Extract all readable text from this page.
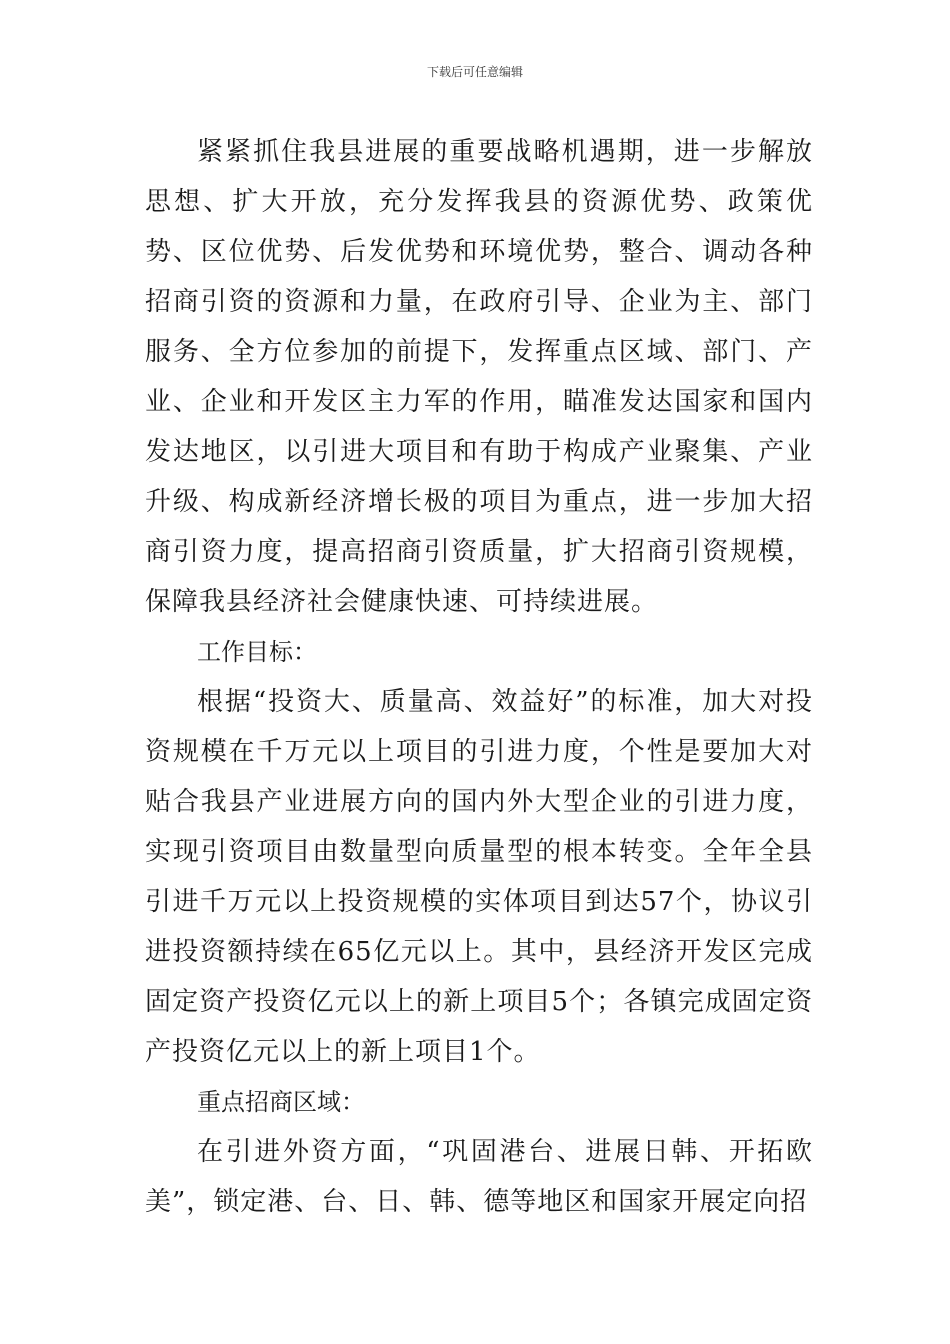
下载后可任意编辑

紧紧抓住我县进展的重要战略机遇期，进一步解放思想、扩大开放，充分发挥我县的资源优势、政策优势、区位优势、后发优势和环境优势，整合、调动各种招商引资的资源和力量，在政府引导、企业为主、部门服务、全方位参加的前提下，发挥重点区域、部门、产业、企业和开发区主力军的作用，瞄准发达国家和国内发达地区，以引进大项目和有助于构成产业聚集、产业升级、构成新经济增长极的项目为重点，进一步加大招商引资力度，提高招商引资质量，扩大招商引资规模，保障我县经济社会健康快速、可持续进展。

工作目标：

根据“投资大、质量高、效益好”的标准，加大对投资规模在千万元以上项目的引进力度，个性是要加大对贴合我县产业进展方向的国内外大型企业的引进力度，实现引资项目由数量型向质量型的根本转变。全年全县引进千万元以上投资规模的实体项目到达57个，协议引进投资额持续在65亿元以上。其中，县经济开发区完成固定资产投资亿元以上的新上项目5个；各镇完成固定资产投资亿元以上的新上项目1个。

重点招商区域：

在引进外资方面，“巩固港台、进展日韩、开拓欧美”，锁定港、台、日、韩、德等地区和国家开展定向招
